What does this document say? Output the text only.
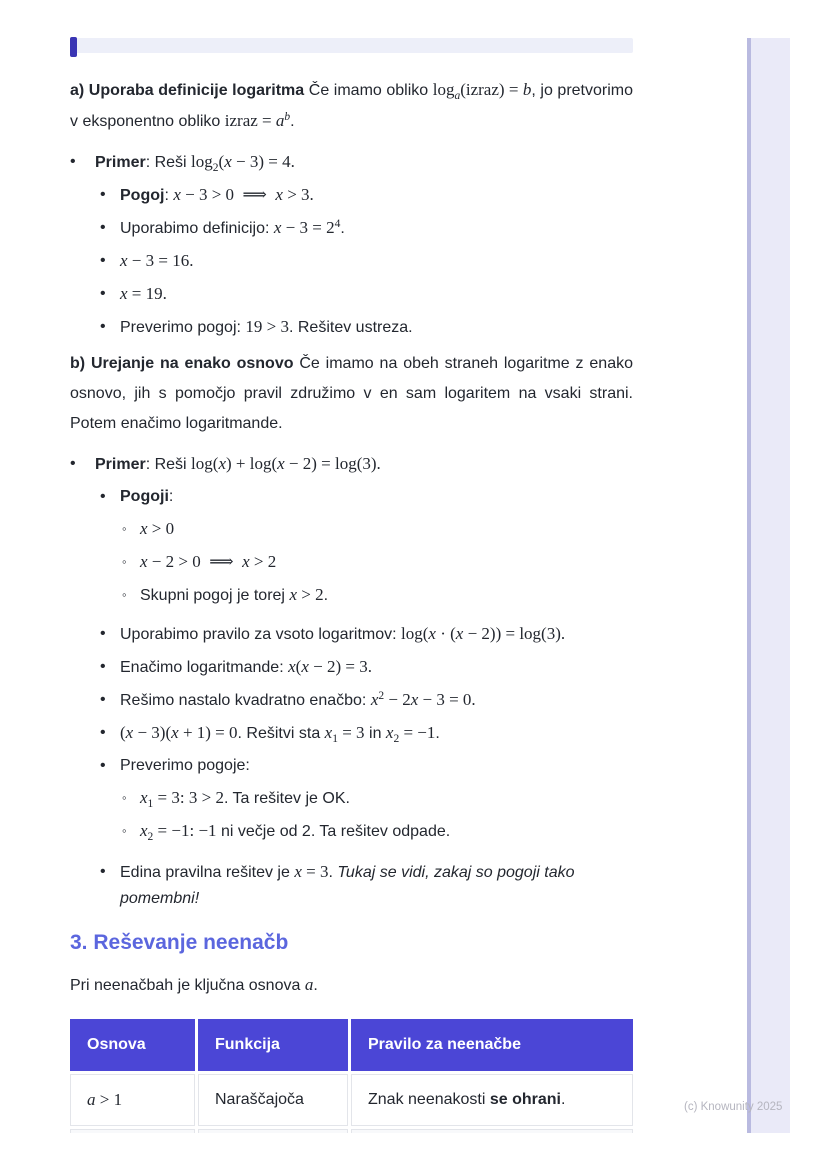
(c) Knowunity 2025
a) Uporaba definicije logaritma Če imamo obliko $\log_a(izraz) = b$, jo pretvorimo v eksponentno obliko izraz = $a^b$.
•	Primer: Reši $\log_2(x - 3) = 4$.
• Pogoj: x − 3 > 0 ⟹ x > 3.
• Uporabimo definicijo: $x - 3 = 2^4$.
• x − 3 = 16.
• x = 19.
• Preverimo pogoj: 19 > 3. Rešitev ustreza.
b) Urejanje na enako osnovo Če imamo na obeh straneh logaritme z enako osnovo, jih s pomočjo pravil združimo v en sam logaritem na vsaki strani. Potem enačimo logaritmande.
•	Primer: Reši log(x) + log(x − 2) = log(3).
• Pogoji:
◦ x > 0
◦ x − 2 > 0 ⟹ x > 2
◦ Skupni pogoj je torej x > 2.
• Uporabimo pravilo za vsoto logaritmov: log(x · (x − 2)) = log(3).
• Enačimo logaritmande: x(x − 2) = 3.
• Rešimo nastalo kvadratno enačbo: $x^2 - 2x - 3 = 0$.
• (x − 3)(x + 1) = 0. Rešitvi sta $x_1 = 3$ in $x_2 = -1$.
• Preverimo pogoje:
◦ $x_1 = 3$: 3 > 2. Ta rešitev je OK.
◦ $x_2 = -1$: −1 ni večje od 2. Ta rešitev odpade.
• Edina pravilna rešitev je x = 3. Tukaj se vidi, zakaj so pogoji tako pomembni!
3. Reševanje neenačb
Pri neenačbah je ključna osnova a.
Osnova	Funkcija	Pravilo za neenačbe
a > 1	Naraščajoča	Znak neenakosti se ohrani.
